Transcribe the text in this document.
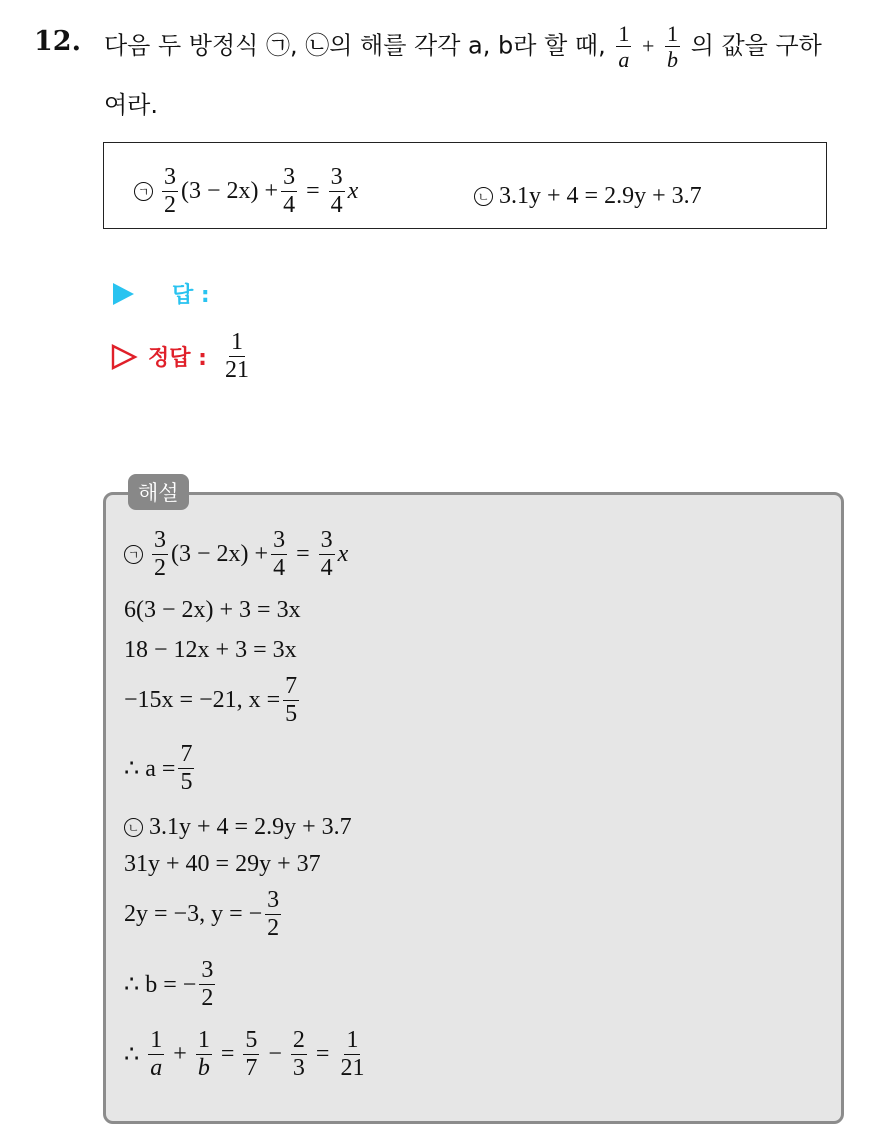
12. 다음 두 방정식 ㉠, ㉡의 해를 각각 a, b라 할 때, $\frac{1}{a} + \frac{1}{b}$ 의 값을 구하
여라.
ㄱ $\frac{3}{2} (3 - 2x) + \frac{3}{4} = \frac{3}{4}$ x	ㄴ 3.1y + 4 = 2.9y + 3.7
답 :
정답 : $\frac{1}{21}$
해설
ㄱ $\frac{3}{2} (3 - 2x) + \frac{3}{4} = \frac{3}{4}$ x
6(3 − 2x) + 3 = 3x
18 − 12x + 3 = 3x
−15x = −21, $x = \frac{7}{5}$
∴ $a = \frac{7}{5}$
ㄴ 3.1y + 4 = 2.9y + 3.7
31y + 40 = 29y + 37
2y = −3, y = − $\frac{3}{2}$
∴ b = − $\frac{3}{2}$
∴ $\frac{1}{a} + \frac{1}{b} = \frac{5}{7} - \frac{2}{3} = \frac{1}{21}$
